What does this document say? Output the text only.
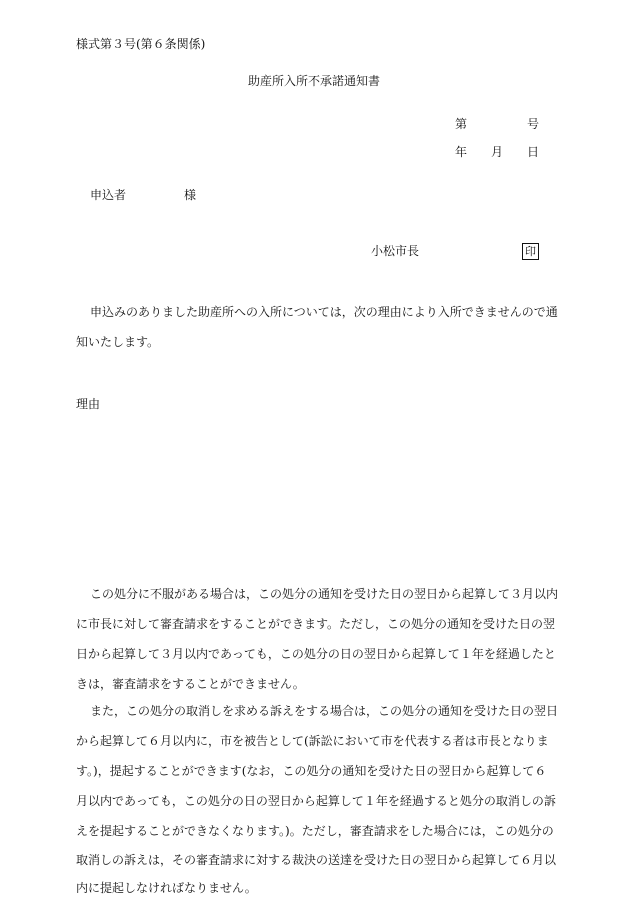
様式第３号(第６条関係)
助産所入所不承諾通知書
第	号
年 月 日
申込者	様
小松市長	印
申込みのありました助産所への入所については，次の理由により入所できませんので通
知いたします。
理由
この処分に不服がある場合は，この処分の通知を受けた日の翌日から起算して３月以内
に市長に対して審査請求をすることができます。ただし，この処分の通知を受けた日の翌
日から起算して３月以内であっても，この処分の日の翌日から起算して１年を経過したと
きは，審査請求をすることができません。
また，この処分の取消しを求める訴えをする場合は，この処分の通知を受けた日の翌日
から起算して６月以内に，市を被告として(訴訟において市を代表する者は市長となりま
す。)，提起することができます(なお，この処分の通知を受けた日の翌日から起算して６
月以内であっても，この処分の日の翌日から起算して１年を経過すると処分の取消しの訴
えを提起することができなくなります。)。ただし，審査請求をした場合には，この処分の
取消しの訴えは，その審査請求に対する裁決の送達を受けた日の翌日から起算して６月以
内に提起しなければなりません。
